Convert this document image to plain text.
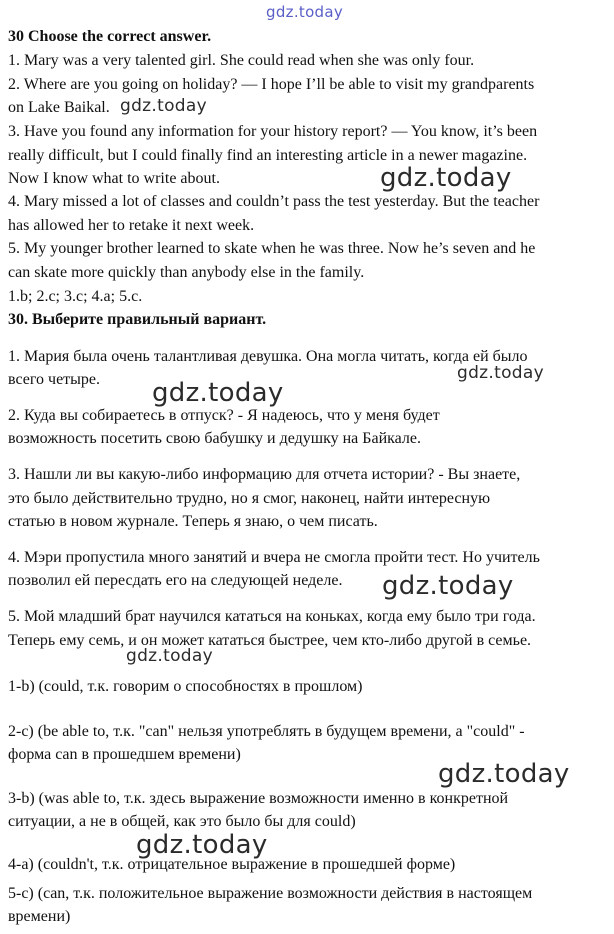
gdz.today
gdz.today
gdz.today
gdz.today
gdz.today
gdz.today
gdz.today
gdz.today
gdz.today
30 Choose the correct answer.
1. Mary was a very talented girl. She could read when she was only four.
2. Where are you going on holiday? — I hope I’ll be able to visit my grandparents
on Lake Baikal.
3. Have you found any information for your history report? — You know, it’s been
really difficult, but I could finally find an interesting article in a newer magazine.
Now I know what to write about.
4. Mary missed a lot of classes and couldn’t pass the test yesterday. But the teacher
has allowed her to retake it next week.
5. My younger brother learned to skate when he was three. Now he’s seven and he
can skate more quickly than anybody else in the family.
1.b; 2.c; 3.c; 4.a; 5.c.
30. Выберите правильный вариант.
1. Мария была очень талантливая девушка. Она могла читать, когда ей было
всего четыре.
2. Куда вы собираетесь в отпуск? - Я надеюсь, что у меня будет
возможность посетить свою бабушку и дедушку на Байкале.
3. Нашли ли вы какую-либо информацию для отчета истории? - Вы знаете,
это было действительно трудно, но я смог, наконец, найти интересную
статью в новом журнале. Теперь я знаю, о чем писать.
4. Мэри пропустила много занятий и вчера не смогла пройти тест. Но учитель
позволил ей пересдать его на следующей неделе.
5. Мой младший брат научился кататься на коньках, когда ему было три года.
Теперь ему семь, и он может кататься быстрее, чем кто-либо другой в семье.
1-b) (could, т.к. говорим о способностях в прошлом)
2-c) (be able to, т.к. "can" нельзя употреблять в будущем времени, а "could" -
форма can в прошедшем времени)
3-b) (was able to, т.к. здесь выражение возможности именно в конкретной
ситуации, а не в общей, как это было бы для could)
4-a) (couldn't, т.к. отрицательное выражение в прошедшей форме)
5-c) (can, т.к. положительное выражение возможности действия в настоящем
времени)
